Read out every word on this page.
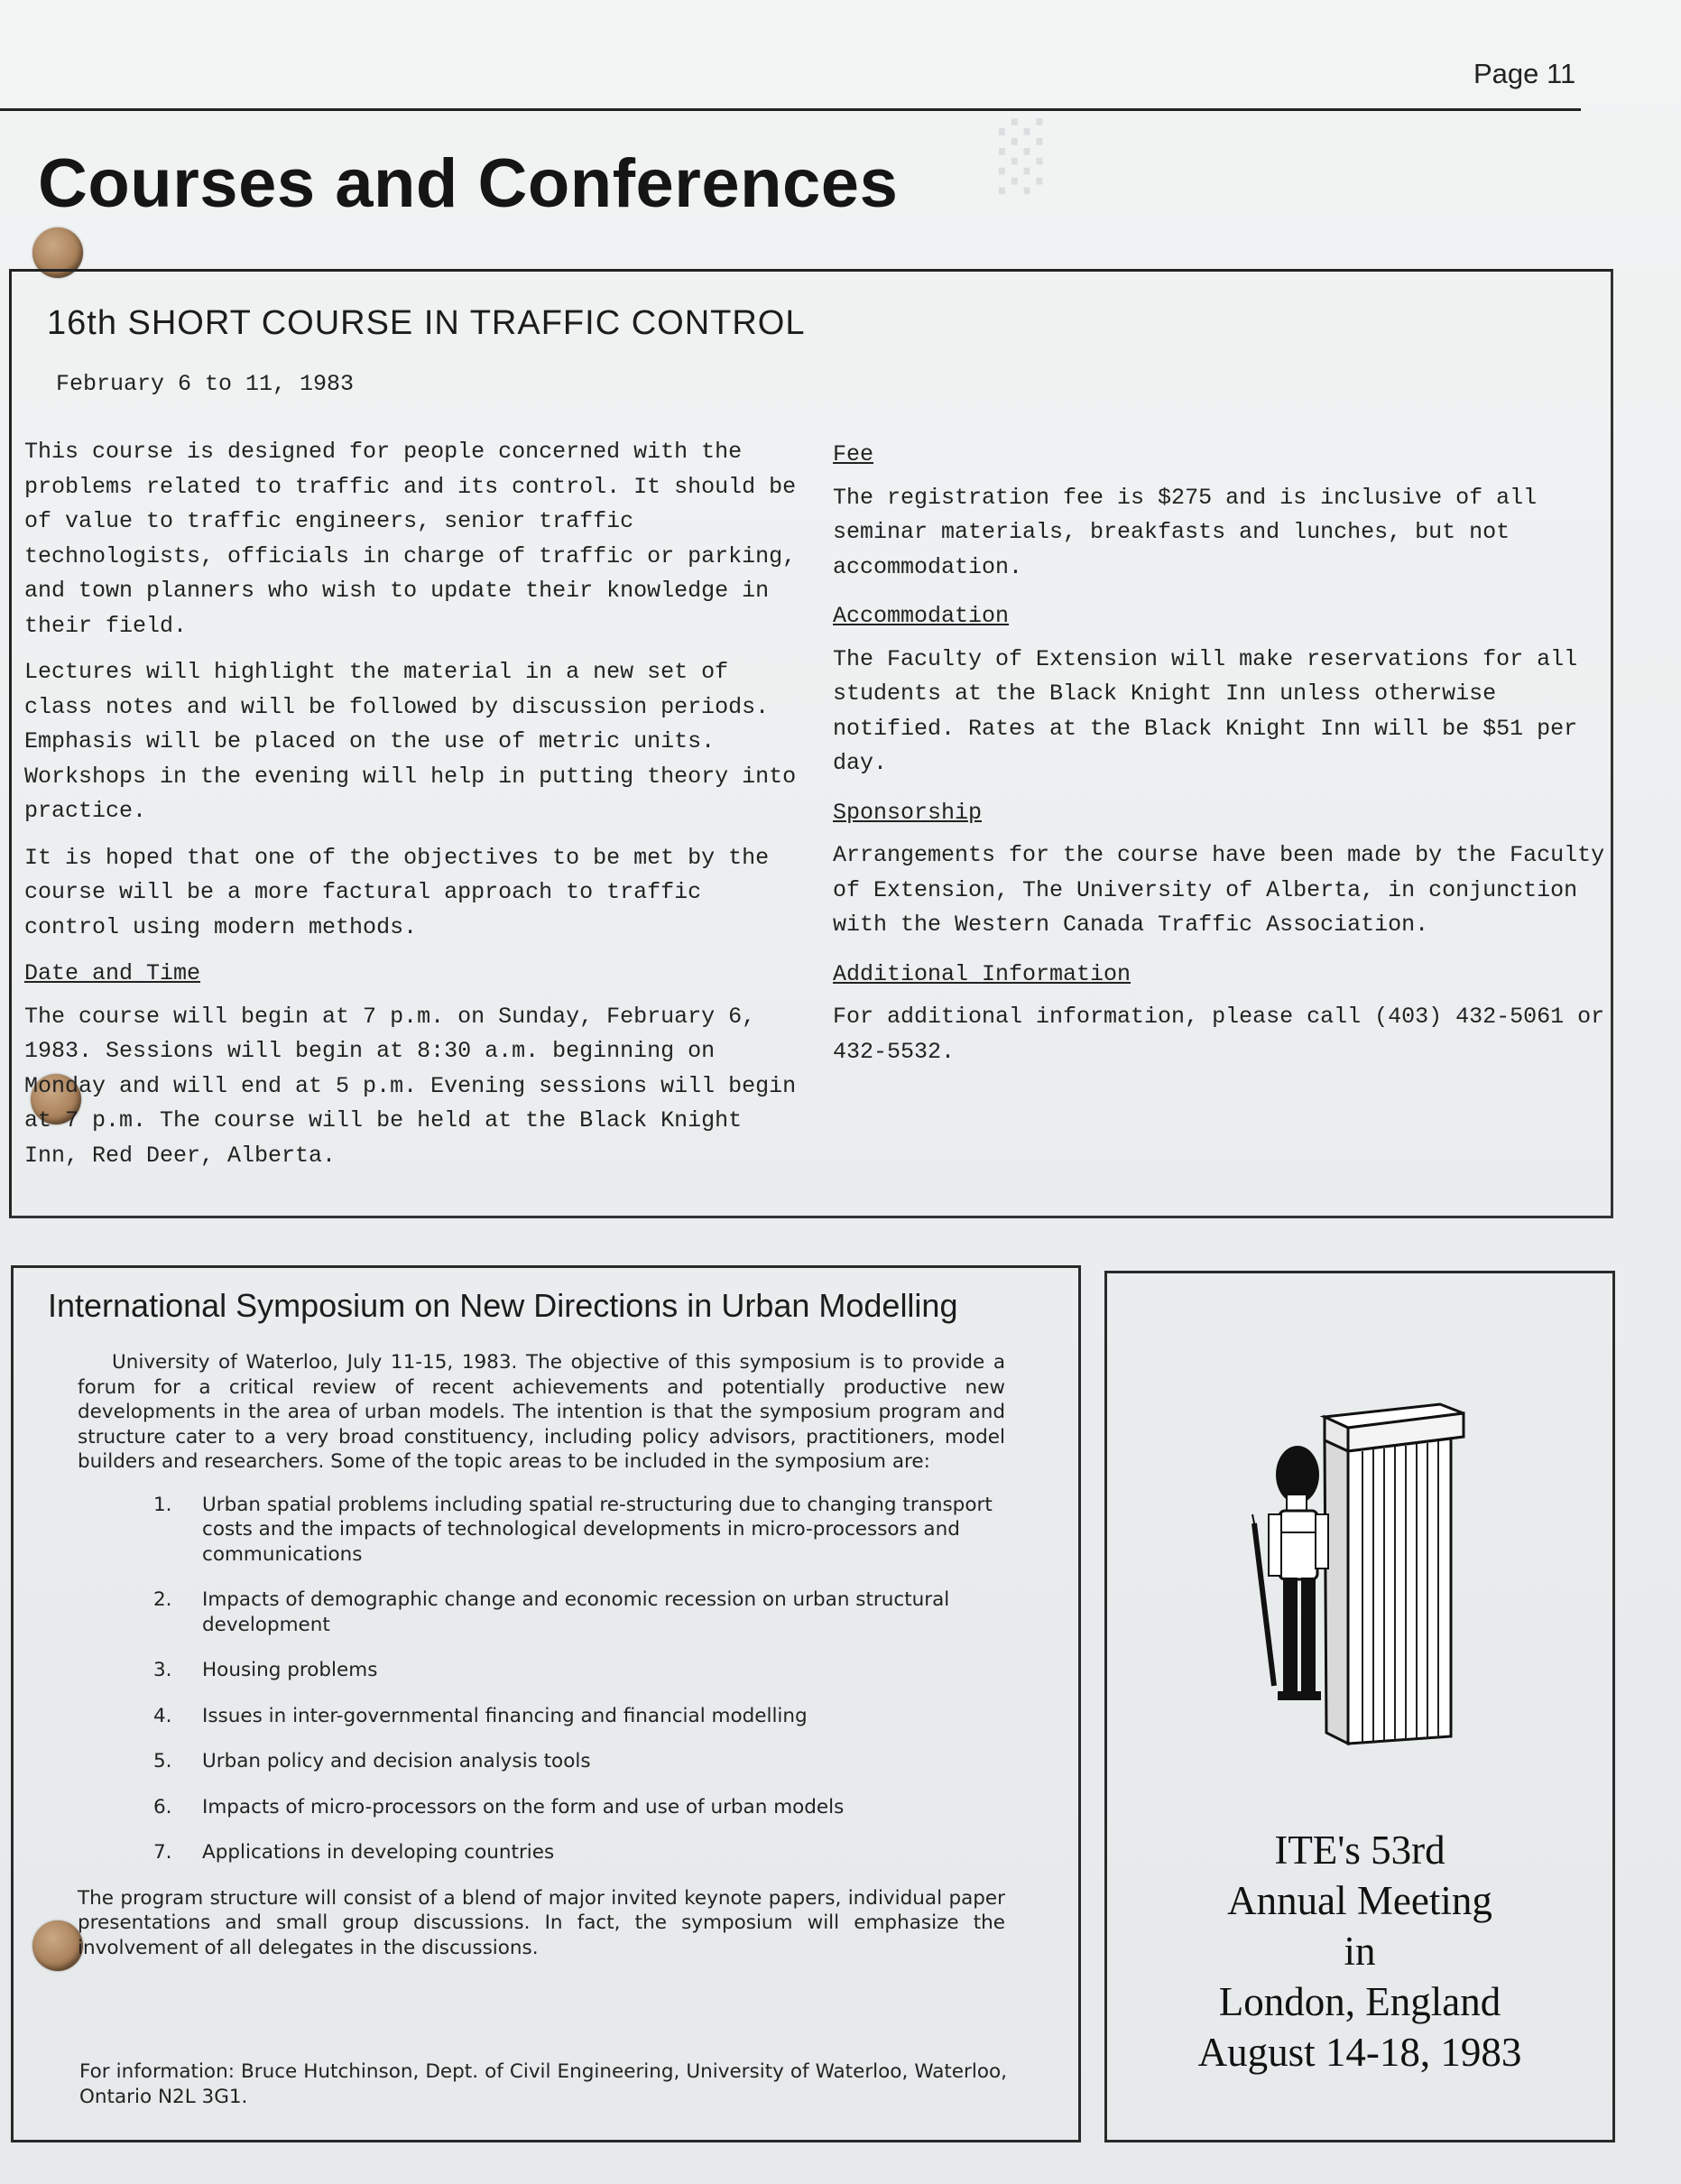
░
Page 11
Courses and Conferences
16th SHORT COURSE IN TRAFFIC CONTROL
February 6 to 11, 1983

This course is designed for people concerned with the problems related to traffic and its control. It should be of value to traffic engineers, senior traffic technologists, officials in charge of traffic or parking, and town planners who wish to update their knowledge in their field.

Lectures will highlight the material in a new set of class notes and will be followed by discussion periods. Emphasis will be placed on the use of metric units. Workshops in the evening will help in putting theory into practice.

It is hoped that one of the objectives to be met by the course will be a more factural approach to traffic control using modern methods.

Date and Time

The course will begin at 7 p.m. on Sunday, February 6, 1983. Sessions will begin at 8:30 a.m. beginning on Monday and will end at 5 p.m. Evening sessions will begin at 7 p.m. The course will be held at the Black Knight Inn, Red Deer, Alberta.

Fee

The registration fee is $275 and is inclusive of all seminar materials, breakfasts and lunches, but not accommodation.

Accommodation

The Faculty of Extension will make reservations for all students at the Black Knight Inn unless otherwise notified. Rates at the Black Knight Inn will be $51 per day.

Sponsorship

Arrangements for the course have been made by the Faculty of Extension, The University of Alberta, in conjunction with the Western Canada Traffic Association.

Additional Information

For additional information, please call (403) 432-5061 or 432-5532.

International Symposium on New Directions in Urban Modelling

University of Waterloo, July 11-15, 1983. The objective of this symposium is to provide a forum for a critical review of recent achievements and potentially productive new developments in the area of urban models. The intention is that the symposium program and structure cater to a very broad constituency, including policy advisors, practitioners, model builders and researchers. Some of the topic areas to be included in the symposium are:

1. Urban spatial problems including spatial re-structuring due to changing transport costs and the impacts of technological developments in micro-processors and communications
2. Impacts of demographic change and economic recession on urban structural development
3. Housing problems
4. Issues in inter-governmental financing and financial modelling
5. Urban policy and decision analysis tools
6. Impacts of micro-processors on the form and use of urban models
7. Applications in developing countries

The program structure will consist of a blend of major invited keynote papers, individual paper presentations and small group discussions. In fact, the symposium will emphasize the involvement of all delegates in the discussions.

For information: Bruce Hutchinson, Dept. of Civil Engineering, University of Waterloo, Waterloo, Ontario N2L 3G1.

ITE's 53rd
Annual Meeting
in
London, England
August 14-18, 1983
